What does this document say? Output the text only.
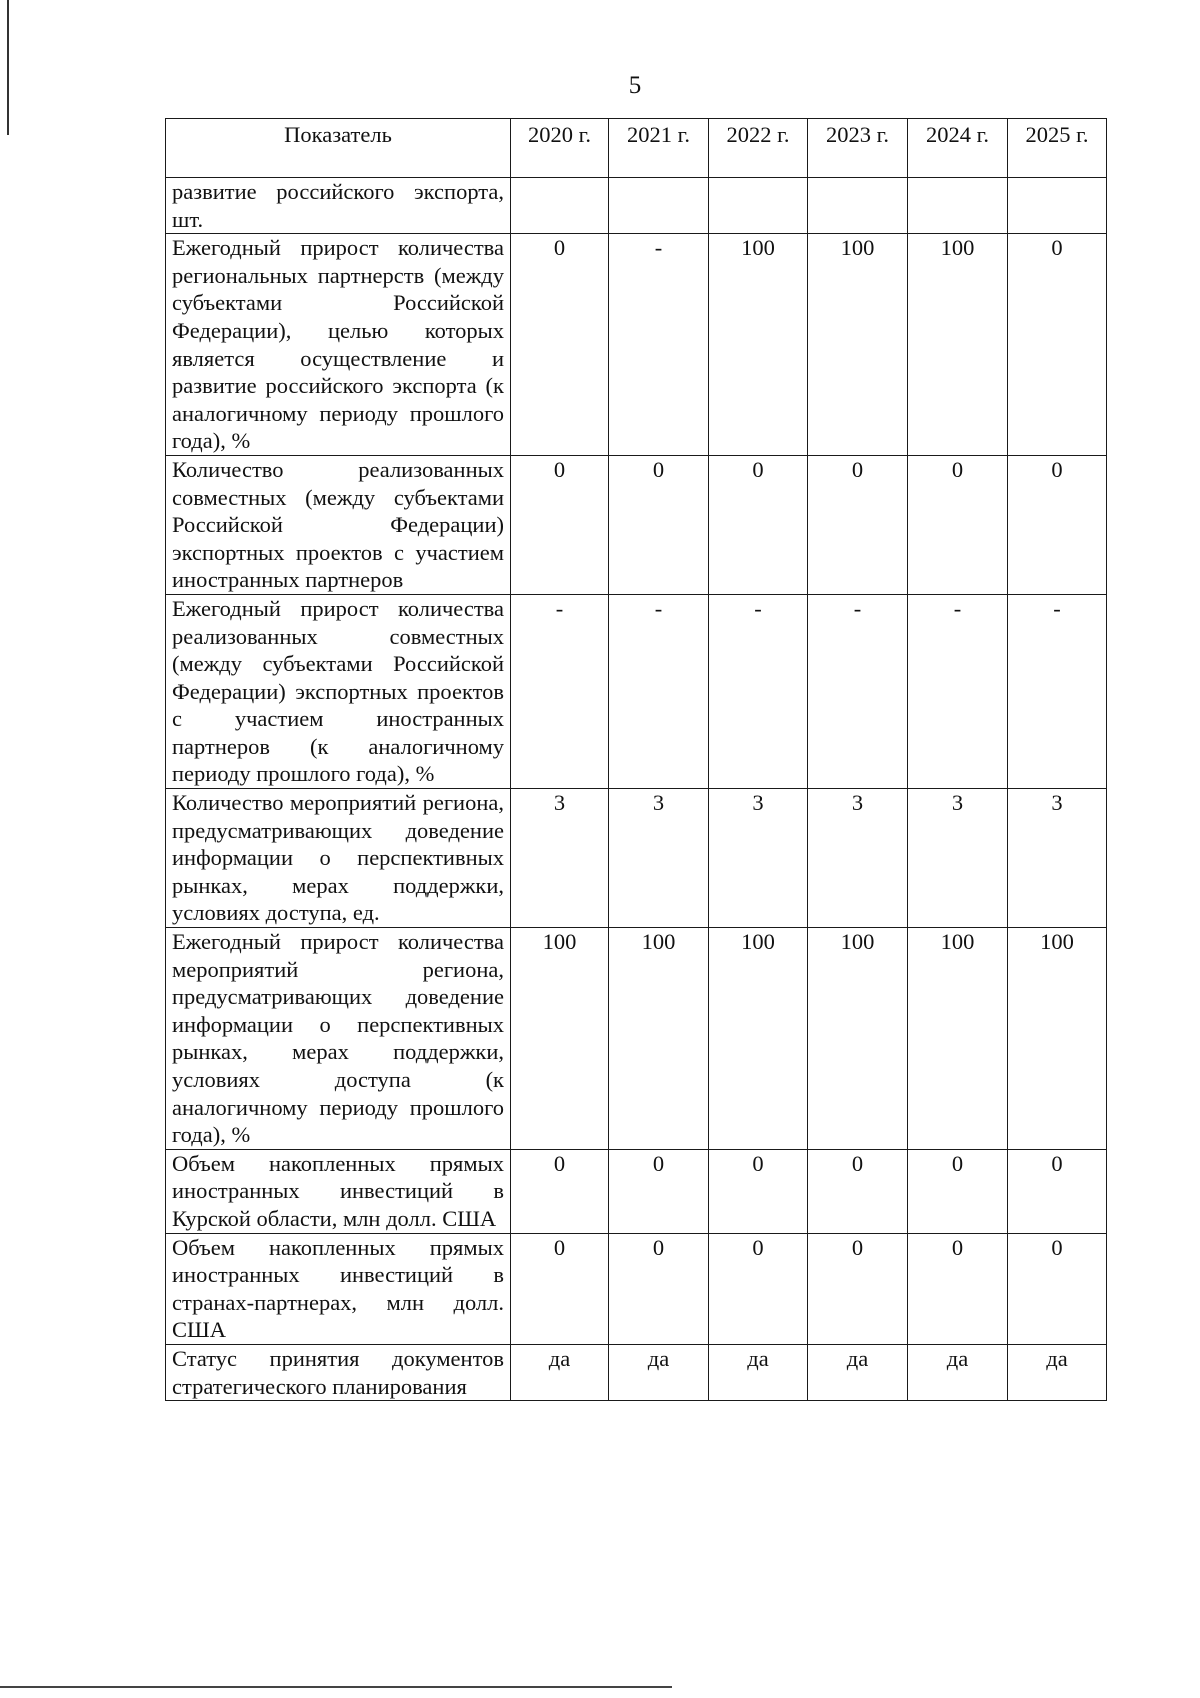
5
Показатель	2020 г.	2021 г.	2022 г.	2023 г.	2024 г.	2025 г.
развитие российского экспорта, шт.						
Ежегодный прирост количества региональных партнерств (между субъектами Российской Федерации), целью которых является осуществление и развитие российского экспорта (к аналогичному периоду прошлого года), %	0	-	100	100	100	0
Количество реализованных совместных (между субъектами Российской Федерации) экспортных проектов с участием иностранных партнеров	0	0	0	0	0	0
Ежегодный прирост количества реализованных совместных (между субъектами Российской Федерации) экспортных проектов с участием иностранных партнеров (к аналогичному периоду прошлого года), %	-	-	-	-	-	-
Количество мероприятий региона, предусматривающих доведение информации о перспективных рынках, мерах поддержки, условиях доступа, ед.	3	3	3	3	3	3
Ежегодный прирост количества мероприятий региона, предусматривающих доведение информации о перспективных рынках, мерах поддержки, условиях доступа (к аналогичному периоду прошлого года), %	100	100	100	100	100	100
Объем накопленных прямых иностранных инвестиций в Курской области, млн долл. США	0	0	0	0	0	0
Объем накопленных прямых иностранных инвестиций в странах-партнерах, млн долл. США	0	0	0	0	0	0
Статус принятия документов стратегического планирования	да	да	да	да	да	да
